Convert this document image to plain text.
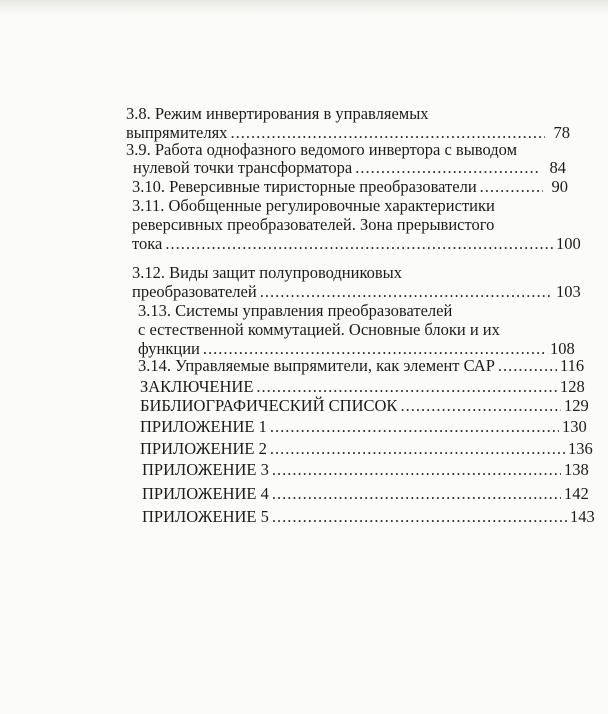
3.8. Режим инвертирования в управляемых
выпрямителях .....	78
3.9. Работа однофазного ведомого инвертора с выводом
нулевой точки трансформатора .....	84
3.10. Реверсивные тиристорные преобразователи .....	90
3.11. Обобщенные регулировочные характеристики
реверсивных преобразователей. Зона прерывистого
тока .....	100
3.12. Виды защит полупроводниковых
преобразователей .....	103
3.13. Системы управления преобразователей
с естественной коммутацией. Основные блоки и их
функции .....	108
3.14. Управляемые выпрямители, как элемент САР .....	116
ЗАКЛЮЧЕНИЕ .....	128
БИБЛИОГРАФИЧЕСКИЙ СПИСОК .....	129
ПРИЛОЖЕНИЕ 1 .....	130
ПРИЛОЖЕНИЕ 2 .....	136
ПРИЛОЖЕНИЕ 3 .....	138
ПРИЛОЖЕНИЕ 4 .....	142
ПРИЛОЖЕНИЕ 5 .....	143
